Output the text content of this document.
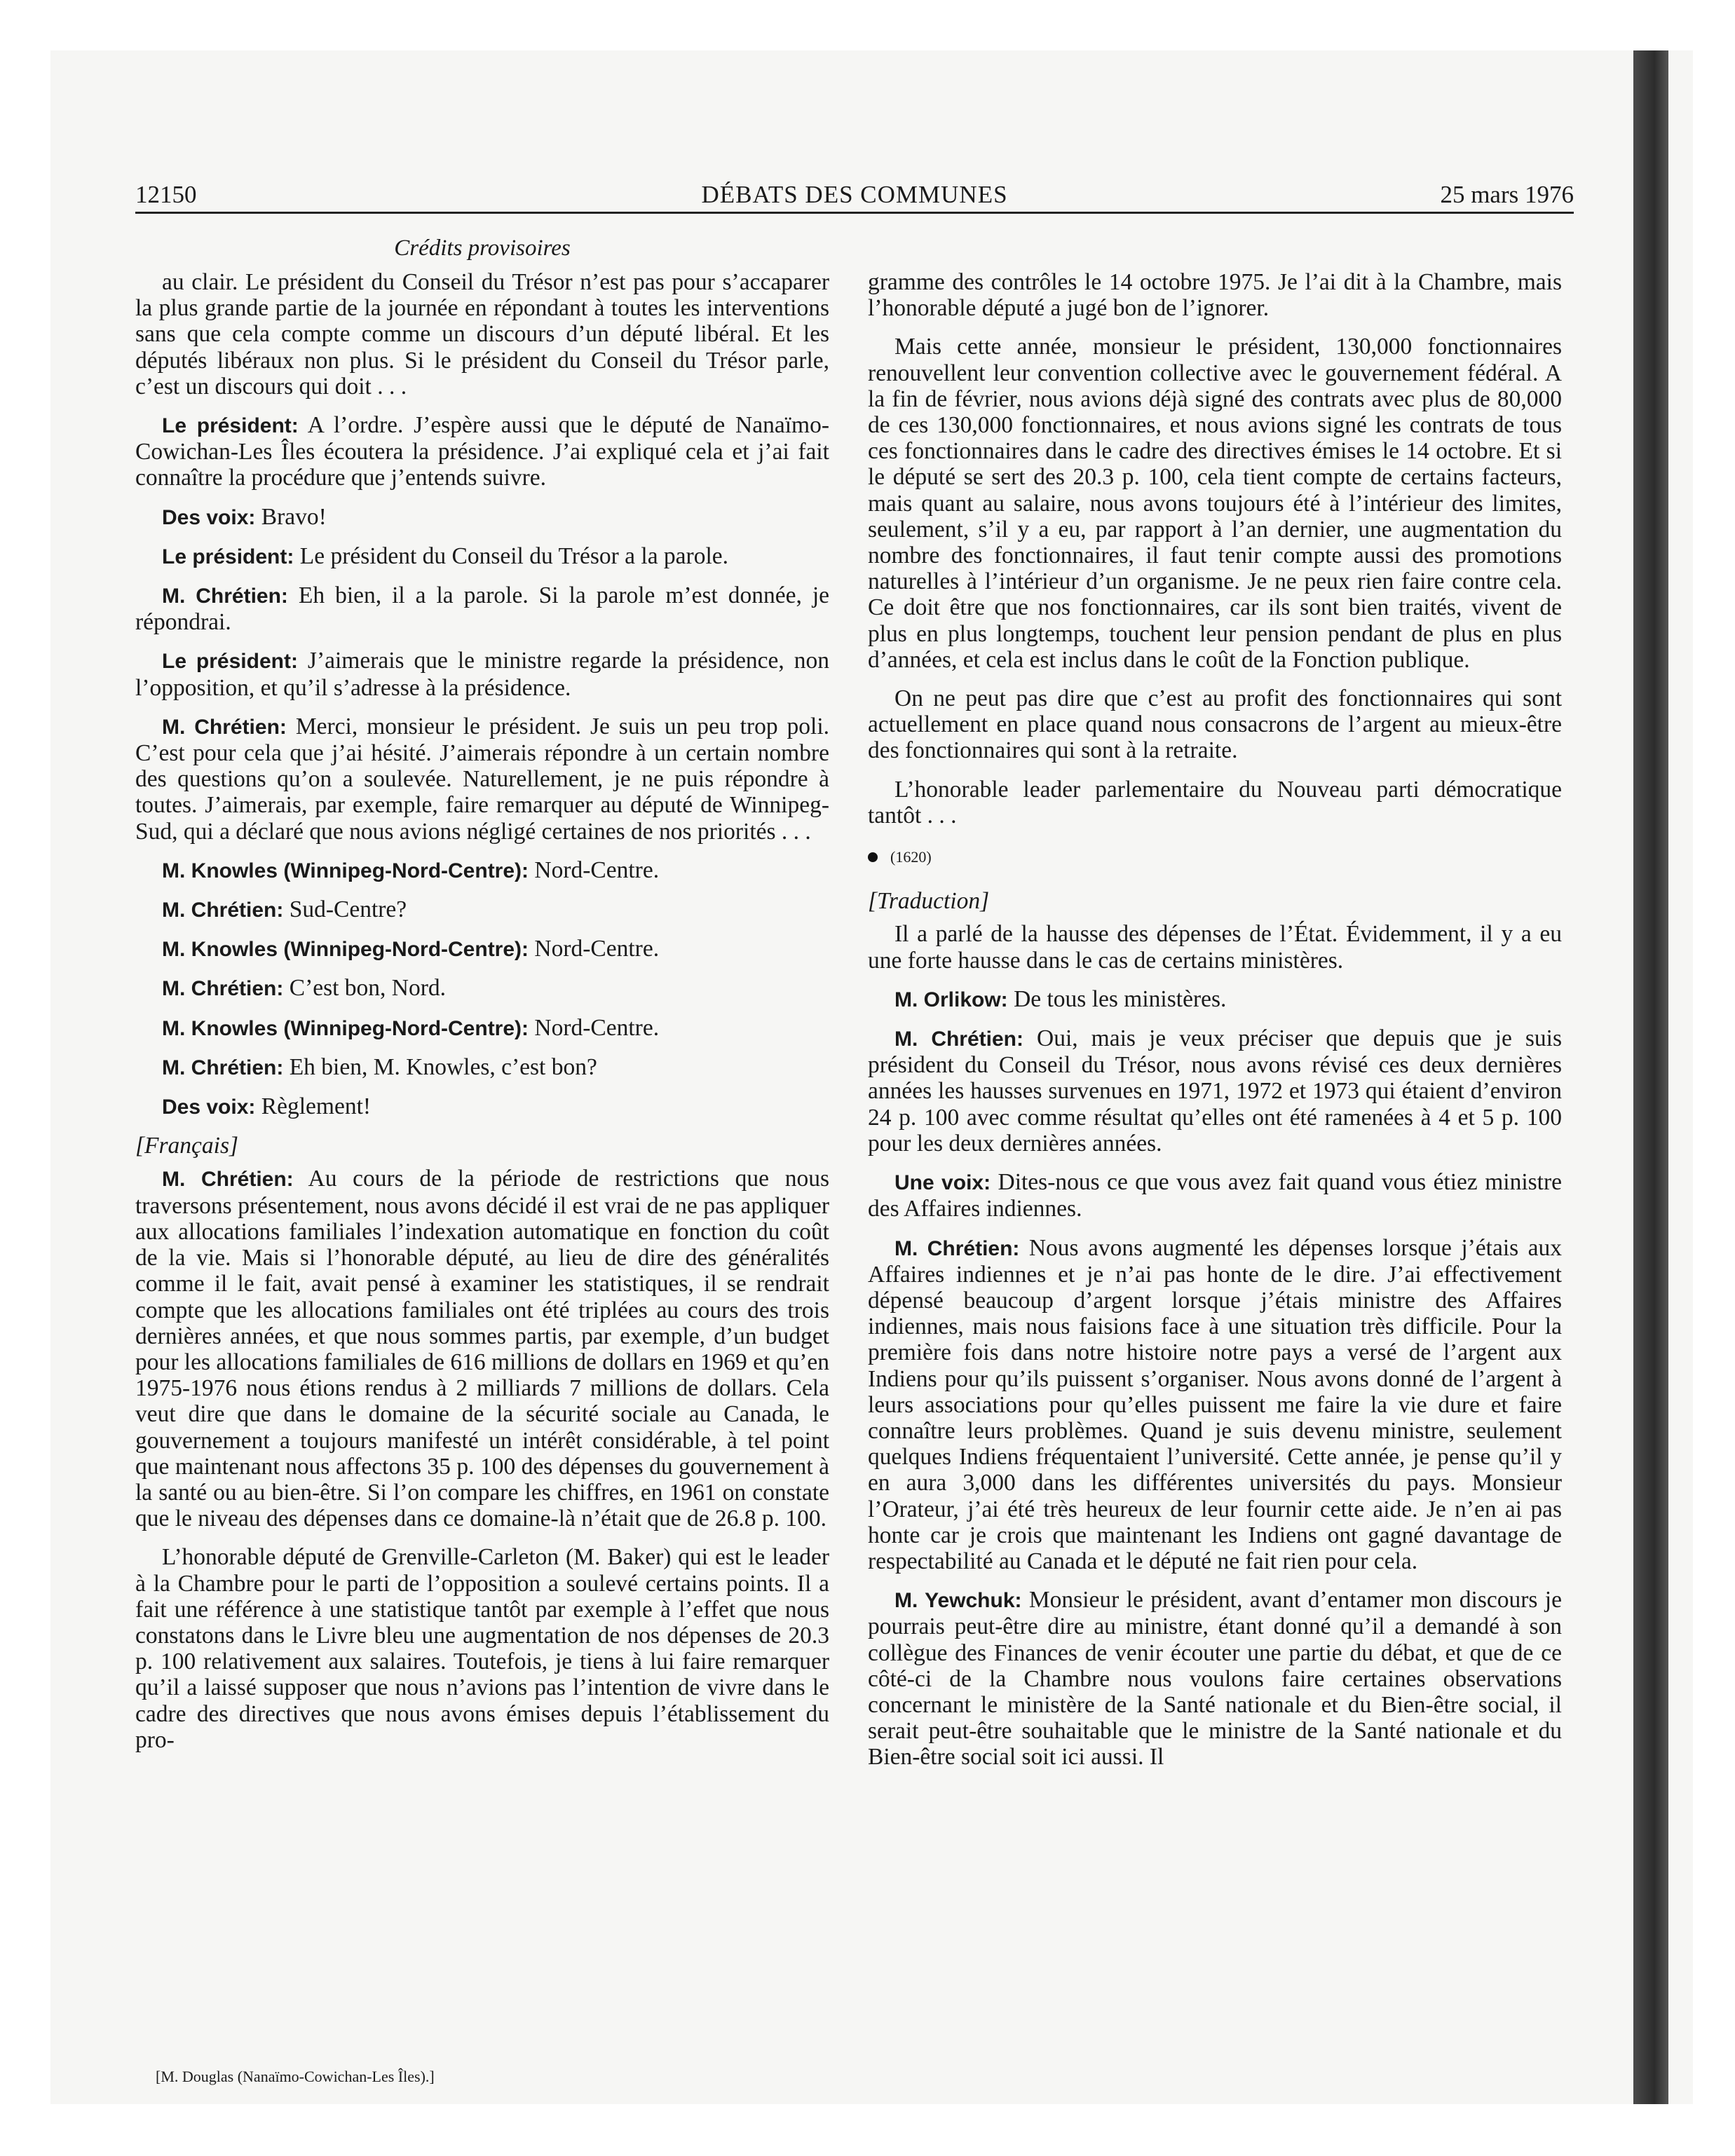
12150	DÉBATS DES COMMUNES	25 mars 1976
Crédits provisoires

au clair. Le président du Conseil du Trésor n’est pas pour s’accaparer la plus grande partie de la journée en répondant à toutes les interventions sans que cela compte comme un discours d’un député libéral. Et les députés libéraux non plus. Si le président du Conseil du Trésor parle, c’est un discours qui doit . . .

Le président: A l’ordre. J’espère aussi que le député de Nanaïmo-Cowichan-Les Îles écoutera la présidence. J’ai expliqué cela et j’ai fait connaître la procédure que j’entends suivre.

Des voix: Bravo!

Le président: Le président du Conseil du Trésor a la parole.

M. Chrétien: Eh bien, il a la parole. Si la parole m’est donnée, je répondrai.

Le président: J’aimerais que le ministre regarde la présidence, non l’opposition, et qu’il s’adresse à la présidence.

M. Chrétien: Merci, monsieur le président. Je suis un peu trop poli. C’est pour cela que j’ai hésité. J’aimerais répondre à un certain nombre des questions qu’on a soulevée. Naturellement, je ne puis répondre à toutes. J’aimerais, par exemple, faire remarquer au député de Winnipeg-Sud, qui a déclaré que nous avions négligé certaines de nos priorités . . .

M. Knowles (Winnipeg-Nord-Centre): Nord-Centre.

M. Chrétien: Sud-Centre?

M. Knowles (Winnipeg-Nord-Centre): Nord-Centre.

M. Chrétien: C’est bon, Nord.

M. Knowles (Winnipeg-Nord-Centre): Nord-Centre.

M. Chrétien: Eh bien, M. Knowles, c’est bon?

Des voix: Règlement!

[Français]

M. Chrétien: Au cours de la période de restrictions que nous traversons présentement, nous avons décidé il est vrai de ne pas appliquer aux allocations familiales l’indexation automatique en fonction du coût de la vie. Mais si l’honorable député, au lieu de dire des généralités comme il le fait, avait pensé à examiner les statistiques, il se rendrait compte que les allocations familiales ont été triplées au cours des trois dernières années, et que nous sommes partis, par exemple, d’un budget pour les allocations familiales de 616 millions de dollars en 1969 et qu’en 1975-1976 nous étions rendus à 2 milliards 7 millions de dollars. Cela veut dire que dans le domaine de la sécurité sociale au Canada, le gouvernement a toujours manifesté un intérêt considérable, à tel point que maintenant nous affectons 35 p. 100 des dépenses du gouvernement à la santé ou au bien-être. Si l’on compare les chiffres, en 1961 on constate que le niveau des dépenses dans ce domaine-là n’était que de 26.8 p. 100.

L’honorable député de Grenville-Carleton (M. Baker) qui est le leader à la Chambre pour le parti de l’opposition a soulevé certains points. Il a fait une référence à une statistique tantôt par exemple à l’effet que nous constatons dans le Livre bleu une augmentation de nos dépenses de 20.3 p. 100 relativement aux salaires. Toutefois, je tiens à lui faire remarquer qu’il a laissé supposer que nous n’avions pas l’intention de vivre dans le cadre des directives que nous avons émises depuis l’établissement du pro-

gramme des contrôles le 14 octobre 1975. Je l’ai dit à la Chambre, mais l’honorable député a jugé bon de l’ignorer.

Mais cette année, monsieur le président, 130,000 fonctionnaires renouvellent leur convention collective avec le gouvernement fédéral. A la fin de février, nous avions déjà signé des contrats avec plus de 80,000 de ces 130,000 fonctionnaires, et nous avions signé les contrats de tous ces fonctionnaires dans le cadre des directives émises le 14 octobre. Et si le député se sert des 20.3 p. 100, cela tient compte de certains facteurs, mais quant au salaire, nous avons toujours été à l’intérieur des limites, seulement, s’il y a eu, par rapport à l’an dernier, une augmentation du nombre des fonctionnaires, il faut tenir compte aussi des promotions naturelles à l’intérieur d’un organisme. Je ne peux rien faire contre cela. Ce doit être que nos fonctionnaires, car ils sont bien traités, vivent de plus en plus longtemps, touchent leur pension pendant de plus en plus d’années, et cela est inclus dans le coût de la Fonction publique.

On ne peut pas dire que c’est au profit des fonctionnaires qui sont actuellement en place quand nous consacrons de l’argent au mieux-être des fonctionnaires qui sont à la retraite.

L’honorable leader parlementaire du Nouveau parti démocratique tantôt . . .

(1620)
[Traduction]

Il a parlé de la hausse des dépenses de l’État. Évidemment, il y a eu une forte hausse dans le cas de certains ministères.

M. Orlikow: De tous les ministères.

M. Chrétien: Oui, mais je veux préciser que depuis que je suis président du Conseil du Trésor, nous avons révisé ces deux dernières années les hausses survenues en 1971, 1972 et 1973 qui étaient d’environ 24 p. 100 avec comme résultat qu’elles ont été ramenées à 4 et 5 p. 100 pour les deux dernières années.

Une voix: Dites-nous ce que vous avez fait quand vous étiez ministre des Affaires indiennes.

M. Chrétien: Nous avons augmenté les dépenses lorsque j’étais aux Affaires indiennes et je n’ai pas honte de le dire. J’ai effectivement dépensé beaucoup d’argent lorsque j’étais ministre des Affaires indiennes, mais nous faisions face à une situation très difficile. Pour la première fois dans notre histoire notre pays a versé de l’argent aux Indiens pour qu’ils puissent s’organiser. Nous avons donné de l’argent à leurs associations pour qu’elles puissent me faire la vie dure et faire connaître leurs problèmes. Quand je suis devenu ministre, seulement quelques Indiens fréquentaient l’université. Cette année, je pense qu’il y en aura 3,000 dans les différentes universités du pays. Monsieur l’Orateur, j’ai été très heureux de leur fournir cette aide. Je n’en ai pas honte car je crois que maintenant les Indiens ont gagné davantage de respectabilité au Canada et le député ne fait rien pour cela.

M. Yewchuk: Monsieur le président, avant d’entamer mon discours je pourrais peut-être dire au ministre, étant donné qu’il a demandé à son collègue des Finances de venir écouter une partie du débat, et que de ce côté-ci de la Chambre nous voulons faire certaines observations concernant le ministère de la Santé nationale et du Bien-être social, il serait peut-être souhaitable que le ministre de la Santé nationale et du Bien-être social soit ici aussi. Il

[M. Douglas (Nanaïmo-Cowichan-Les Îles).]
